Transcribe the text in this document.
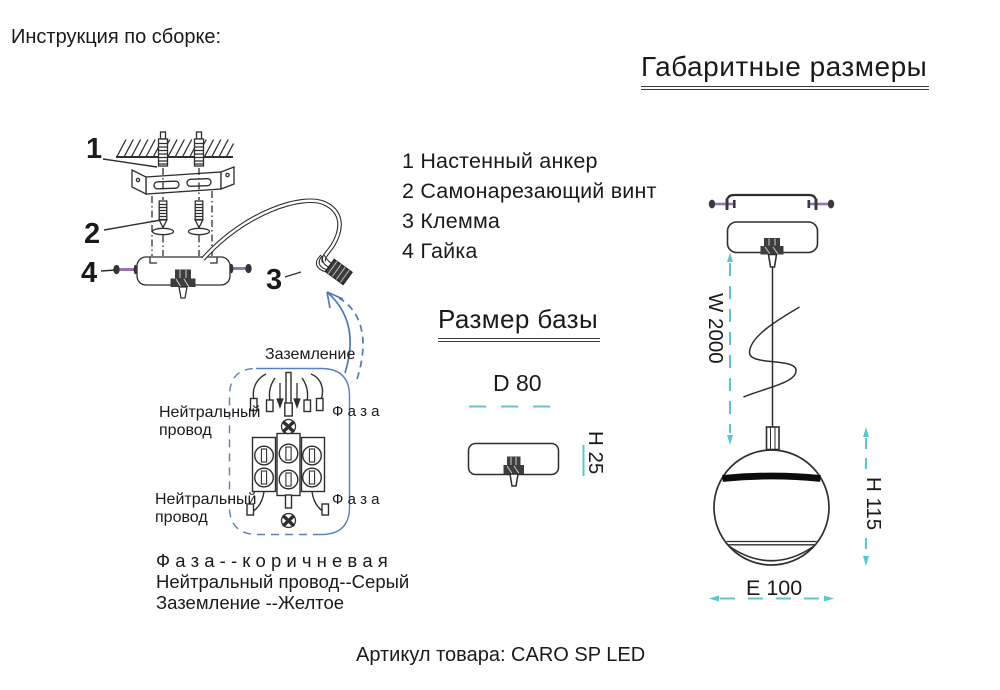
Инструкция по сборке:
Габаритные размеры
1 Настенный анкер
2 Самонарезающий винт
3 Клемма
4 Гайка
Размер базы
D 80
Ф а з а - - к о р и ч н е в а я
Нейтральный провод--Серый
Заземление --Желтое
Артикул товара: CARO SP LED
1
2
4	3
Заземление
Нейтральный
провод
Ф а з а
Нейтральный
провод
Ф а з а
H 25
W 2000
H 115
E 100
